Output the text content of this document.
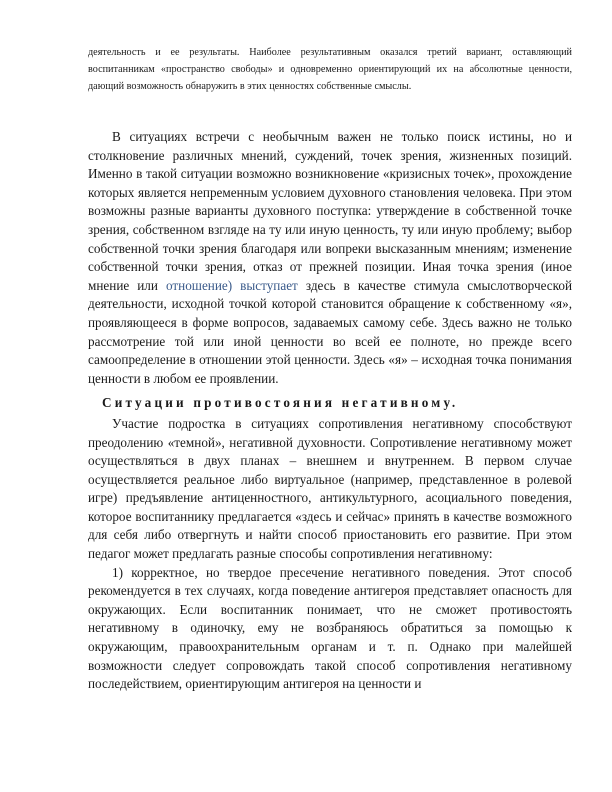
деятельность и ее результаты. Наиболее результативным оказался третий вариант, оставляющий воспитанникам «пространство свободы» и одновременно ориентирующий их на абсолютные ценности, дающий возможность обнаружить в этих ценностях собственные смыслы.

В ситуациях встречи с необычным важен не только поиск истины, но и столкновение различных мнений, суждений, точек зрения, жизненных позиций. Именно в такой ситуации возможно возникновение «кризисных точек», прохождение которых является непременным условием духовного становления человека. При этом возможны разные варианты духовного поступка: утверждение в собственной точке зрения, собственном взгляде на ту или иную ценность, ту или иную проблему; выбор собственной точки зрения благодаря или вопреки высказанным мнениям; изменение собственной точки зрения, отказ от прежней позиции. Иная точка зрения (иное мнение или отношение) выступает здесь в качестве стимула смыслотворческой деятельности, исходной точкой которой становится обращение к собственному «я», проявляющееся в форме вопросов, задаваемых самому себе. Здесь важно не только рассмотрение той или иной ценности во всей ее полноте, но прежде всего самоопределение в отношении этой ценности. Здесь «я» – исходная точка понимания ценности в любом ее проявлении.

Ситуации противостояния негативному.

Участие подростка в ситуациях сопротивления негативному способствуют преодолению «темной», негативной духовности. Сопротивление негативному может осуществляться в двух планах – внешнем и внутреннем. В первом случае осуществляется реальное либо виртуальное (например, представленное в ролевой игре) предъявление антиценностного, антикультурного, асоциального поведения, которое воспитаннику предлагается «здесь и сейчас» принять в качестве возможного для себя либо отвергнуть и найти способ приостановить его развитие. При этом педагог может предлагать разные способы сопротивления негативному:

1) корректное, но твердое пресечение негативного поведения. Этот способ рекомендуется в тех случаях, когда поведение антигероя представляет опасность для окружающих. Если воспитанник понимает, что не сможет противостоять негативному в одиночку, ему не возбраняюсь обратиться за помощью к окружающим, правоохранительным органам и т. п. Однако при малейшей возможности следует сопровождать такой способ сопротивления негативному последействием, ориентирующим антигероя на ценности и
